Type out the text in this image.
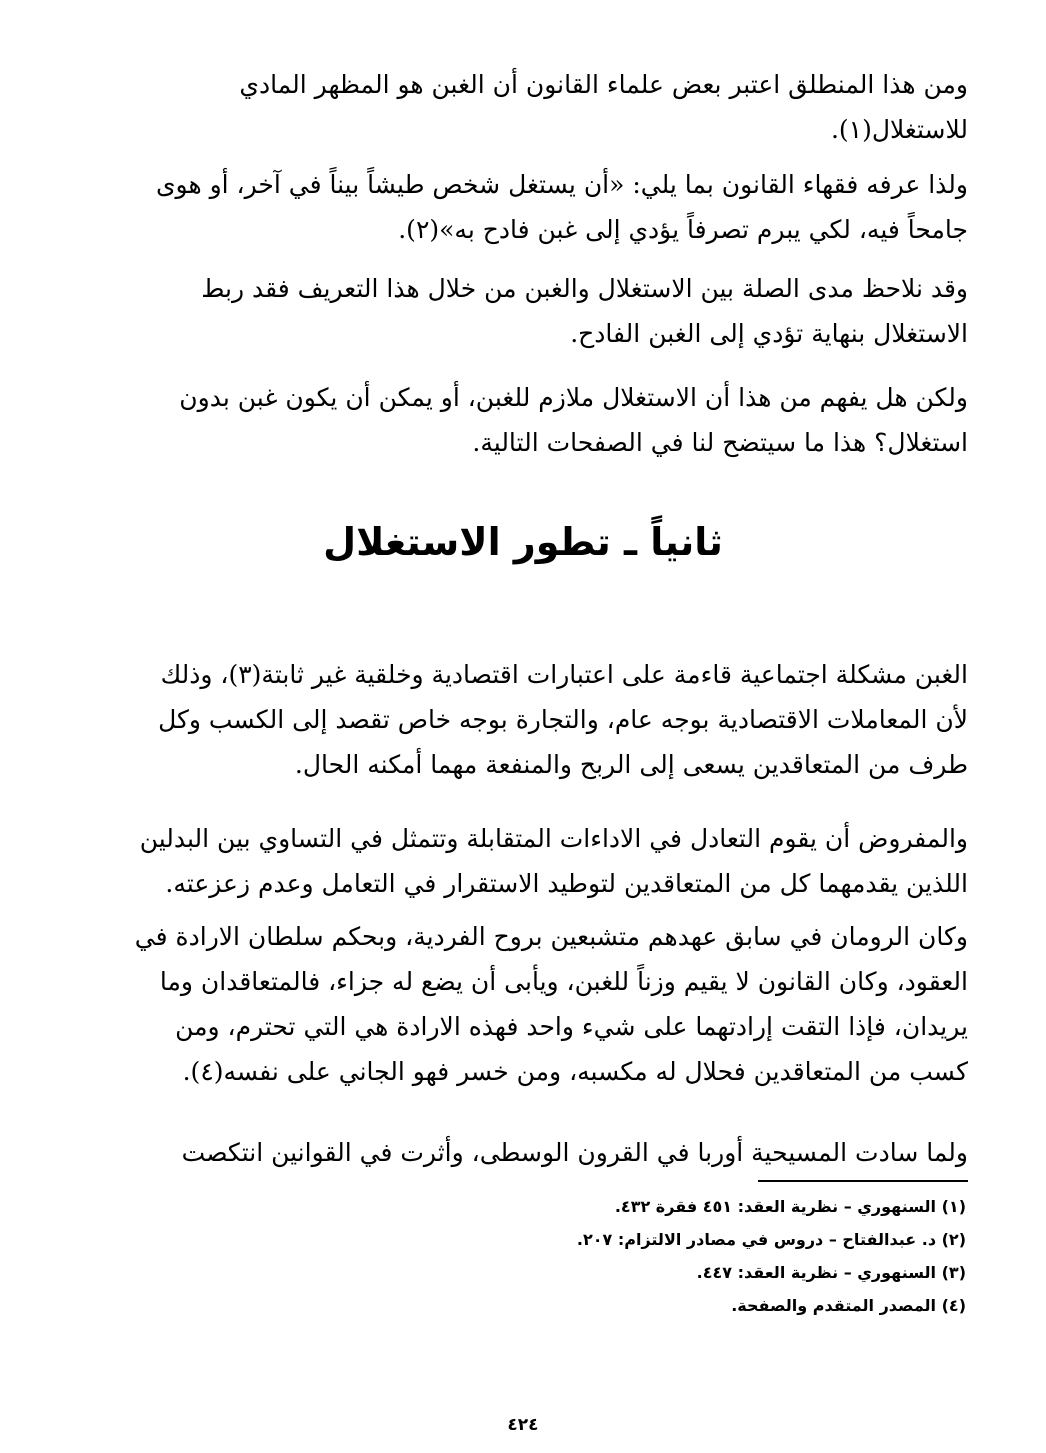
ومن هذا المنطلق اعتبر بعض علماء القانون أن الغبن هو المظهر المادي
للاستغلال(١).
ولذا عرفه فقهاء القانون بما يلي: «أن يستغل شخص طيشاً بيناً في آخر، أو هوى
جامحاً فيه، لكي يبرم تصرفاً يؤدي إلى غبن فادح به»(٢).
وقد نلاحظ مدى الصلة بين الاستغلال والغبن من خلال هذا التعريف فقد ربط
الاستغلال بنهاية تؤدي إلى الغبن الفادح.
ولكن هل يفهم من هذا أن الاستغلال ملازم للغبن، أو يمكن أن يكون غبن بدون
استغلال؟ هذا ما سيتضح لنا في الصفحات التالية.
ثانياً ـ تطور الاستغلال
الغبن مشكلة اجتماعية قاءمة على اعتبارات اقتصادية وخلقية غير ثابتة(٣)، وذلك
لأن المعاملات الاقتصادية بوجه عام، والتجارة بوجه خاص تقصد إلى الكسب وكل
طرف من المتعاقدين يسعى إلى الربح والمنفعة مهما أمكنه الحال.
والمفروض أن يقوم التعادل في الاداءات المتقابلة وتتمثل في التساوي بين البدلين
اللذين يقدمهما كل من المتعاقدين لتوطيد الاستقرار في التعامل وعدم زعزعته.
وكان الرومان في سابق عهدهم متشبعين بروح الفردية، وبحكم سلطان الارادة في
العقود، وكان القانون لا يقيم وزناً للغبن، ويأبى أن يضع له جزاء، فالمتعاقدان وما
يريدان، فإذا التقت إرادتهما على شيء واحد فهذه الارادة هي التي تحترم، ومن
كسب من المتعاقدين فحلال له مكسبه، ومن خسر فهو الجاني على نفسه(٤).
ولما سادت المسيحية أوربا في القرون الوسطى، وأثرت في القوانين انتكصت
(١) السنهوري – نظرية العقد: ٤٥١ فقرة ٤٣٢.
(٢) د. عبدالفتاح – دروس في مصادر الالتزام: ٢٠٧.
(٣) السنهوري – نظرية العقد: ٤٤٧.
(٤) المصدر المتقدم والصفحة.
٤٢٤
